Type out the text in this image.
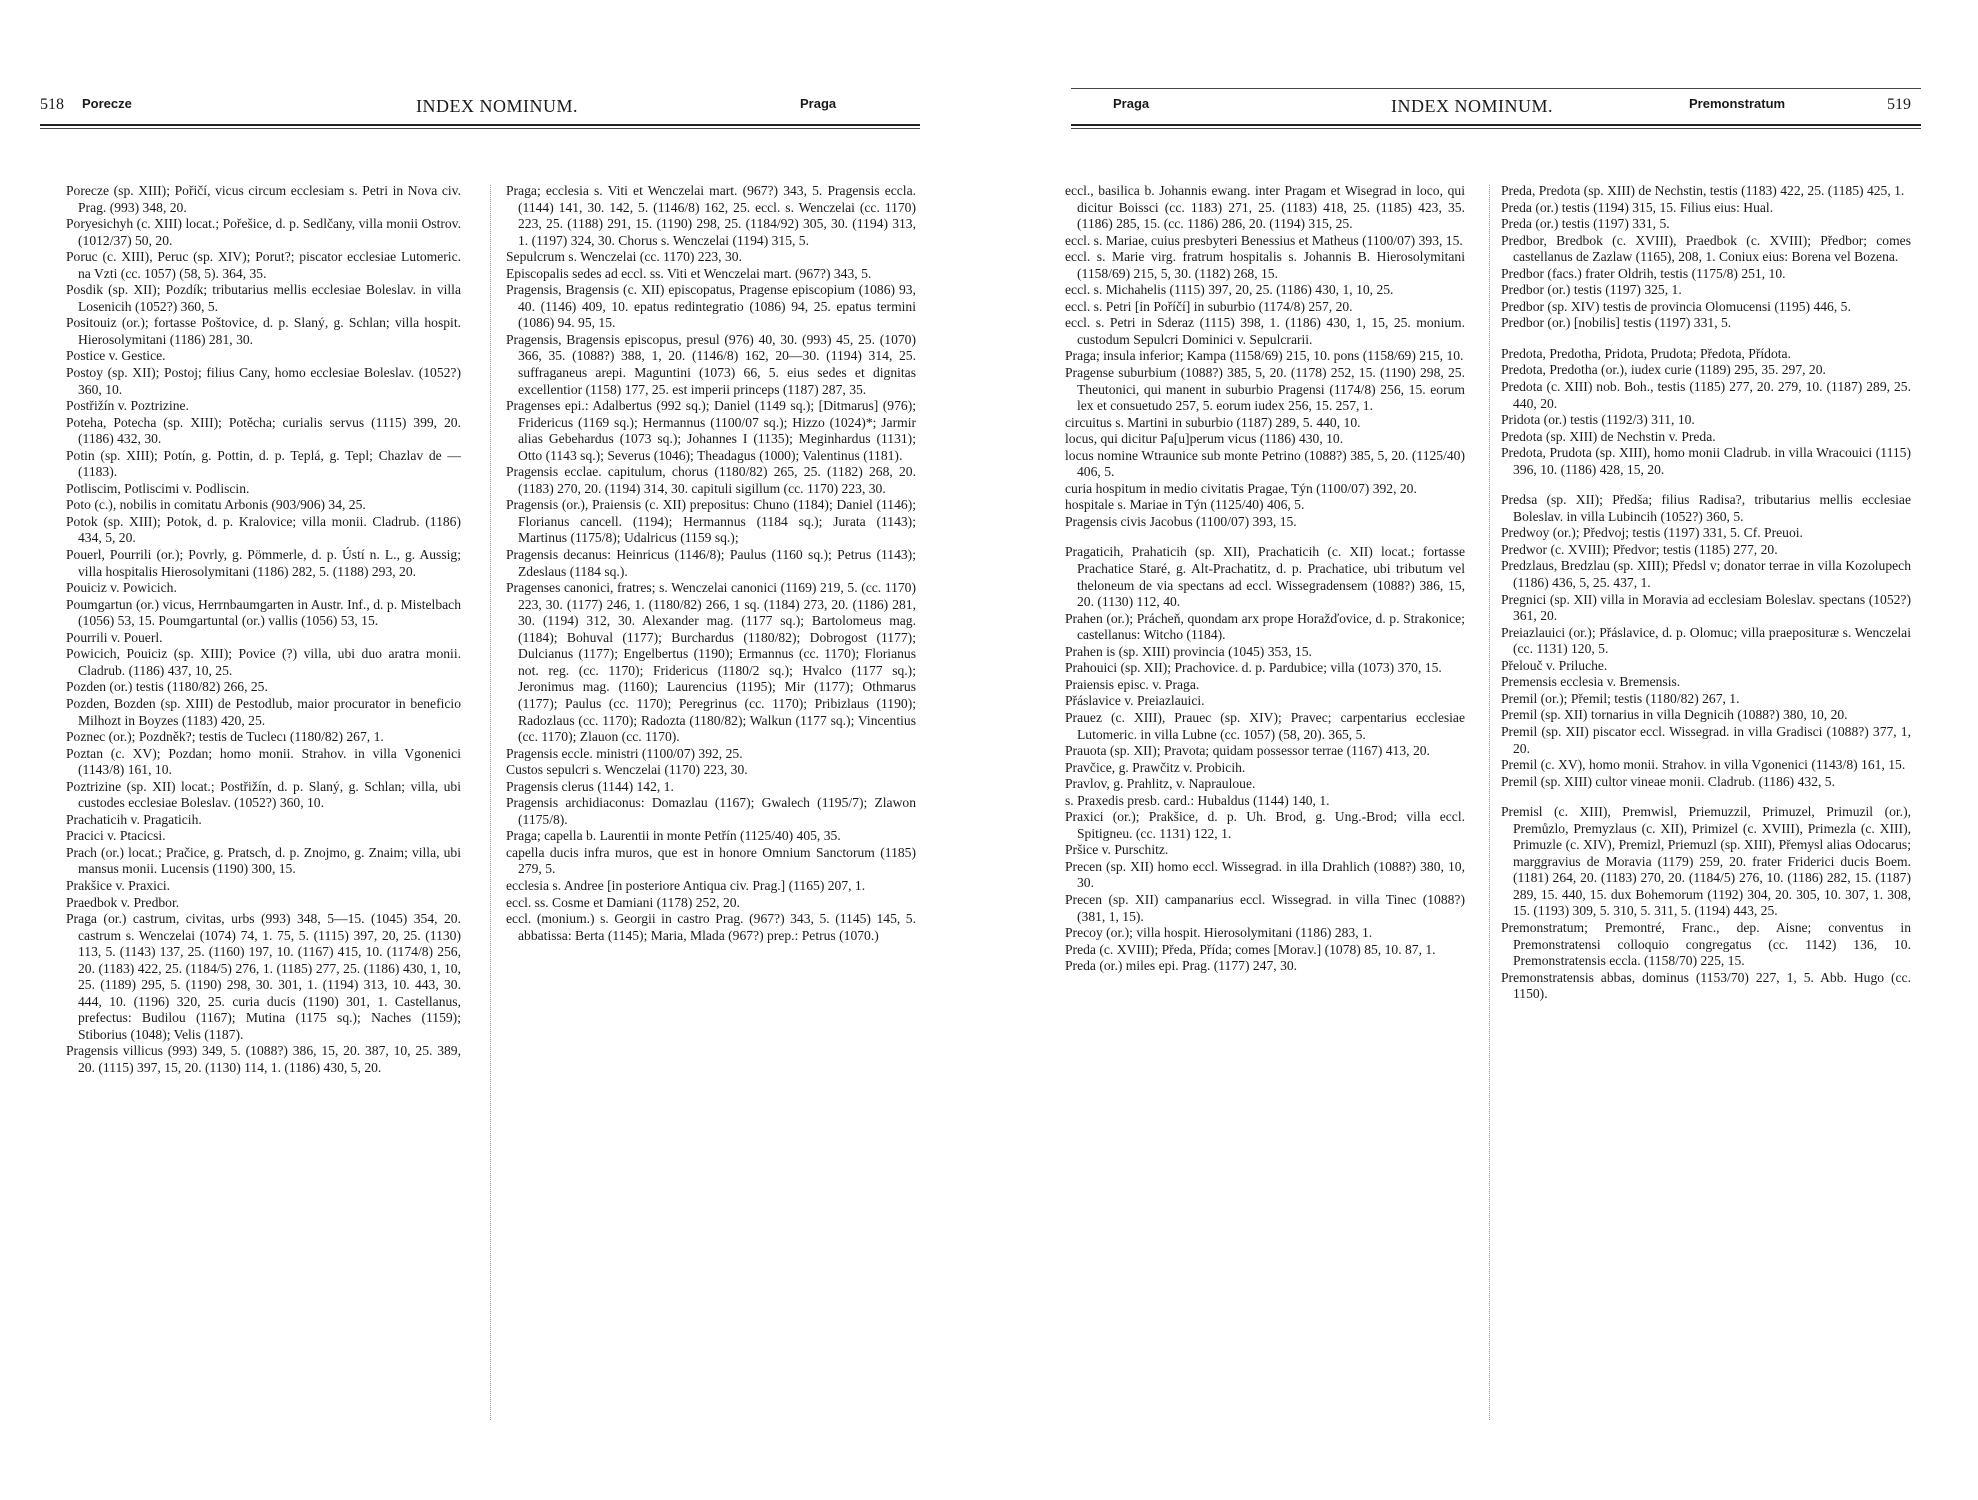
518 Porecze	INDEX NOMINUM.	Praga

Porecze (sp. XIII); Pořičí, vicus circum ecclesiam s. Petri in Nova civ. Prag. (993) 348, 20.

Poryesichyh (c. XIII) locat.; Pořešice, d. p. Sedlčany, villa monii Ostrov. (1012/37) 50, 20.

Poruc (c. XIII), Peruc (sp. XIV); Porut?; piscator ecclesiae Lutomeric. na Vzti (cc. 1057) (58, 5). 364, 35.

Posdik (sp. XII); Pozdík; tributarius mellis ecclesiae Boleslav. in villa Losenicih (1052?) 360, 5.

Positouiz (or.); fortasse Poštovice, d. p. Slaný, g. Schlan; villa hospit. Hierosolymitani (1186) 281, 30.

Postice v. Gestice.

Postoy (sp. XII); Postoj; filius Cany, homo ecclesiae Boleslav. (1052?) 360, 10.

Postřižín v. Poztrizine.

Poteha, Potecha (sp. XIII); Potěcha; curialis servus (1115) 399, 20. (1186) 432, 30.

Potin (sp. XIII); Potín, g. Pottin, d. p. Teplá, g. Tepl; Chazlav de — (1183).

Potliscim, Potliscimi v. Podliscin.

Poto (c.), nobilis in comitatu Arbonis (903/906) 34, 25.

Potok (sp. XIII); Potok, d. p. Kralovice; villa monii. Cladrub. (1186) 434, 5, 20.

Pouerl, Pourrili (or.); Povrly, g. Pömmerle, d. p. Ústí n. L., g. Aussig; villa hospitalis Hierosolymitani (1186) 282, 5. (1188) 293, 20.

Pouiciz v. Powicich.

Poumgartun (or.) vicus, Herrnbaumgarten in Austr. Inf., d. p. Mistelbach (1056) 53, 15. Poumgartuntal (or.) vallis (1056) 53, 15.

Pourrili v. Pouerl.

Powicich, Pouiciz (sp. XIII); Povice (?) villa, ubi duo aratra monii. Cladrub. (1186) 437, 10, 25.

Pozden (or.) testis (1180/82) 266, 25.

Pozden, Bozden (sp. XIII) de Pestodlub, maior procurator in beneficio Milhozt in Boyzes (1183) 420, 25.

Poznec (or.); Pozdněk?; testis de Tuclecı (1180/82) 267, 1.

Poztan (c. XV); Pozdan; homo monii. Strahov. in villa Vgonenici (1143/8) 161, 10.

Poztrizine (sp. XII) locat.; Postřižín, d. p. Slaný, g. Schlan; villa, ubi custodes ecclesiae Boleslav. (1052?) 360, 10.

Prachaticih v. Pragaticih.

Pracici v. Ptacicsi.

Prach (or.) locat.; Pračice, g. Pratsch, d. p. Znojmo, g. Znaim; villa, ubi mansus monii. Lucensis (1190) 300, 15.

Prakšice v. Praxici.

Praedbok v. Predbor.

Praga (or.) castrum, civitas, urbs (993) 348, 5—15. (1045) 354, 20. castrum s. Wenczelai (1074) 74, 1. 75, 5. (1115) 397, 20, 25. (1130) 113, 5. (1143) 137, 25. (1160) 197, 10. (1167) 415, 10. (1174/8) 256, 20. (1183) 422, 25. (1184/5) 276, 1. (1185) 277, 25. (1186) 430, 1, 10, 25. (1189) 295, 5. (1190) 298, 30. 301, 1. (1194) 313, 10. 443, 30. 444, 10. (1196) 320, 25. curia ducis (1190) 301, 1. Castellanus, prefectus: Budilou (1167); Mutina (1175 sq.); Naches (1159); Stiborius (1048); Velis (1187).

Pragensis villicus (993) 349, 5. (1088?) 386, 15, 20. 387, 10, 25. 389, 20. (1115) 397, 15, 20. (1130) 114, 1. (1186) 430, 5, 20.

Praga; ecclesia s. Viti et Wenczelai mart. (967?) 343, 5. Pragensis eccla. (1144) 141, 30. 142, 5. (1146/8) 162, 25. eccl. s. Wenczelai (cc. 1170) 223, 25. (1188) 291, 15. (1190) 298, 25. (1184/92) 305, 30. (1194) 313, 1. (1197) 324, 30. Chorus s. Wenczelai (1194) 315, 5.

Sepulcrum s. Wenczelai (cc. 1170) 223, 30.

Episcopalis sedes ad eccl. ss. Viti et Wenczelai mart. (967?) 343, 5.

Pragensis, Bragensis (c. XII) episcopatus, Pragense episcopium (1086) 93, 40. (1146) 409, 10. epatus redintegratio (1086) 94, 25. epatus termini (1086) 94. 95, 15.

Pragensis, Bragensis episcopus, presul (976) 40, 30. (993) 45, 25. (1070) 366, 35. (1088?) 388, 1, 20. (1146/8) 162, 20—30. (1194) 314, 25. suffraganeus arepi. Maguntini (1073) 66, 5. eius sedes et dignitas excellentior (1158) 177, 25. est imperii princeps (1187) 287, 35.

Pragenses epi.: Adalbertus (992 sq.); Daniel (1149 sq.); [Ditmarus] (976); Fridericus (1169 sq.); Hermannus (1100/07 sq.); Hizzo (1024)*; Jarmir alias Gebehardus (1073 sq.); Johannes I (1135); Meginhardus (1131); Otto (1143 sq.); Severus (1046); Theadagus (1000); Valentinus (1181).

Pragensis ecclae. capitulum, chorus (1180/82) 265, 25. (1182) 268, 20. (1183) 270, 20. (1194) 314, 30. capituli sigillum (cc. 1170) 223, 30.

Pragensis (or.), Praiensis (c. XII) prepositus: Chuno (1184); Daniel (1146); Florianus cancell. (1194); Hermannus (1184 sq.); Jurata (1143); Martinus (1175/8); Udalricus (1159 sq.);

Pragensis decanus: Heinricus (1146/8); Paulus (1160 sq.); Petrus (1143); Zdeslaus (1184 sq.).

Pragenses canonici, fratres; s. Wenczelai canonici (1169) 219, 5. (cc. 1170) 223, 30. (1177) 246, 1. (1180/82) 266, 1 sq. (1184) 273, 20. (1186) 281, 30. (1194) 312, 30. Alexander mag. (1177 sq.); Bartolomeus mag. (1184); Bohuval (1177); Burchardus (1180/82); Dobrogost (1177); Dulcianus (1177); Engelbertus (1190); Ermannus (cc. 1170); Florianus not. reg. (cc. 1170); Fridericus (1180/2 sq.); Hvalco (1177 sq.); Jeronimus mag. (1160); Laurencius (1195); Mir (1177); Othmarus (1177); Paulus (cc. 1170); Peregrinus (cc. 1170); Pribizlaus (1190); Radozlaus (cc. 1170); Radozta (1180/82); Walkun (1177 sq.); Vincentius (cc. 1170); Zlauon (cc. 1170).

Pragensis eccle. ministri (1100/07) 392, 25.

Custos sepulcri s. Wenczelai (1170) 223, 30.

Pragensis clerus (1144) 142, 1.

Pragensis archidiaconus: Domazlau (1167); Gwalech (1195/7); Zlawon (1175/8).

Praga; capella b. Laurentii in monte Petřín (1125/40) 405, 35.

capella ducis infra muros, que est in honore Omnium Sanctorum (1185) 279, 5.

ecclesia s. Andree [in posteriore Antiqua civ. Prag.] (1165) 207, 1.

eccl. ss. Cosme et Damiani (1178) 252, 20.

eccl. (monium.) s. Georgii in castro Prag. (967?) 343, 5. (1145) 145, 5. abbatissa: Berta (1145); Maria, Mlada (967?) prep.: Petrus (1070.)

Praga	INDEX NOMINUM.	Premonstratum	519

eccl., basilica b. Johannis ewang. inter Pragam et Wisegrad in loco, qui dicitur Boissci (cc. 1183) 271, 25. (1183) 418, 25. (1185) 423, 35. (1186) 285, 15. (cc. 1186) 286, 20. (1194) 315, 25.

eccl. s. Mariae, cuius presbyteri Benessius et Matheus (1100/07) 393, 15.

eccl. s. Marie virg. fratrum hospitalis s. Johannis B. Hierosolymitani (1158/69) 215, 5, 30. (1182) 268, 15.

eccl. s. Michahelis (1115) 397, 20, 25. (1186) 430, 1, 10, 25.

eccl. s. Petri [in Poříčí] in suburbio (1174/8) 257, 20.

eccl. s. Petri in Sderaz (1115) 398, 1. (1186) 430, 1, 15, 25. monium. custodum Sepulcri Dominici v. Sepulcrarii.

Praga; insula inferior; Kampa (1158/69) 215, 10. pons (1158/69) 215, 10.

Pragense suburbium (1088?) 385, 5, 20. (1178) 252, 15. (1190) 298, 25. Theutonici, qui manent in suburbio Pragensi (1174/8) 256, 15. eorum lex et consuetudo 257, 5. eorum iudex 256, 15. 257, 1.

circuitus s. Martini in suburbio (1187) 289, 5. 440, 10.

locus, qui dicitur Pa[u]perum vicus (1186) 430, 10.

locus nomine Wtraunice sub monte Petrino (1088?) 385, 5, 20. (1125/40) 406, 5.

curia hospitum in medio civitatis Pragae, Týn (1100/07) 392, 20.

hospitale s. Mariae in Týn (1125/40) 406, 5.

Pragensis civis Jacobus (1100/07) 393, 15.

Pragaticih, Prahaticih (sp. XII), Prachaticih (c. XII) locat.; fortasse Prachatice Staré, g. Alt-Prachatitz, d. p. Prachatice, ubi tributum vel theloneum de via spectans ad eccl. Wissegradensem (1088?) 386, 15, 20. (1130) 112, 40.

Prahen (or.); Prácheň, quondam arx prope Horažďovice, d. p. Strakonice; castellanus: Witcho (1184).

Prahen is (sp. XIII) provincia (1045) 353, 15.

Prahouici (sp. XII); Prachovice. d. p. Pardubice; villa (1073) 370, 15.

Praiensis episc. v. Praga.

Přáslavice v. Preiazlauici.

Prauez (c. XIII), Prauec (sp. XIV); Pravec; carpentarius ecclesiae Lutomeric. in villa Lubne (cc. 1057) (58, 20). 365, 5.

Prauota (sp. XII); Pravota; quidam possessor terrae (1167) 413, 20.

Pravčice, g. Prawčitz v. Probicih.

Pravlov, g. Prahlitz, v. Naprauloue.

s. Praxedis presb. card.: Hubaldus (1144) 140, 1.

Praxici (or.); Prakšice, d. p. Uh. Brod, g. Ung.-Brod; villa eccl. Spitigneu. (cc. 1131) 122, 1.

Pršice v. Purschitz.

Precen (sp. XII) homo eccl. Wissegrad. in illa Drahlich (1088?) 380, 10, 30.

Precen (sp. XII) campanarius eccl. Wissegrad. in villa Tinec (1088?) (381, 1, 15).

Precoy (or.); villa hospit. Hierosolymitani (1186) 283, 1.

Preda (c. XVIII); Předa, Přída; comes [Morav.] (1078) 85, 10. 87, 1.

Preda (or.) miles epi. Prag. (1177) 247, 30.

Preda, Predota (sp. XIII) de Nechstin, testis (1183) 422, 25. (1185) 425, 1.

Preda (or.) testis (1194) 315, 15. Filius eius: Hual.

Preda (or.) testis (1197) 331, 5.

Predbor, Bredbok (c. XVIII), Praedbok (c. XVIII); Předbor; comes castellanus de Zazlaw (1165), 208, 1. Coniux eius: Borena vel Bozena.

Predbor (facs.) frater Oldrih, testis (1175/8) 251, 10.

Predbor (or.) testis (1197) 325, 1.

Predbor (sp. XIV) testis de provincia Olomucensi (1195) 446, 5.

Predbor (or.) [nobilis] testis (1197) 331, 5.

Predota, Predotha, Pridota, Prudota; Předota, Přídota.

Predota, Predotha (or.), iudex curie (1189) 295, 35. 297, 20.

Predota (c. XIII) nob. Boh., testis (1185) 277, 20. 279, 10. (1187) 289, 25. 440, 20.

Pridota (or.) testis (1192/3) 311, 10.

Predota (sp. XIII) de Nechstin v. Preda.

Predota, Prudota (sp. XIII), homo monii Cladrub. in villa Wracouici (1115) 396, 10. (1186) 428, 15, 20.

Predsa (sp. XII); Předša; filius Radisa?, tributarius mellis ecclesiae Boleslav. in villa Lubincih (1052?) 360, 5.

Predwoy (or.); Předvoj; testis (1197) 331, 5. Cf. Preuoi.

Predwor (c. XVIII); Předvor; testis (1185) 277, 20.

Predzlaus, Bredzlau (sp. XIII); Předsl v; donator terrae in villa Kozolupech (1186) 436, 5, 25. 437, 1.

Pregnici (sp. XII) villa in Moravia ad ecclesiam Boleslav. spectans (1052?) 361, 20.

Preiazlauici (or.); Přáslavice, d. p. Olomuc; villa praeposituræ s. Wenczelai (cc. 1131) 120, 5.

Přelouč v. Priluche.

Premensis ecclesia v. Bremensis.

Premil (or.); Přemil; testis (1180/82) 267, 1.

Premil (sp. XII) tornarius in villa Degnicih (1088?) 380, 10, 20.

Premil (sp. XII) piscator eccl. Wissegrad. in villa Gradisci (1088?) 377, 1, 20.

Premil (c. XV), homo monii. Strahov. in villa Vgonenici (1143/8) 161, 15.

Premil (sp. XIII) cultor vineae monii. Cladrub. (1186) 432, 5.

Premisl (c. XIII), Premwisl, Priemuzzil, Primuzel, Primuzil (or.), Premůzlo, Premyzlaus (c. XII), Primizel (c. XVIII), Primezla (c. XIII), Primuzle (c. XIV), Premizl, Priemuzl (sp. XIII), Přemysl alias Odocarus; marggravius de Moravia (1179) 259, 20. frater Friderici ducis Boem. (1181) 264, 20. (1183) 270, 20. (1184/5) 276, 10. (1186) 282, 15. (1187) 289, 15. 440, 15. dux Bohemorum (1192) 304, 20. 305, 10. 307, 1. 308, 15. (1193) 309, 5. 310, 5. 311, 5. (1194) 443, 25.

Premonstratum; Premontré, Franc., dep. Aisne; conventus in Premonstratensi colloquio congregatus (cc. 1142) 136, 10. Premonstratensis eccla. (1158/70) 225, 15.

Premonstratensis abbas, dominus (1153/70) 227, 1, 5. Abb. Hugo (cc. 1150).
